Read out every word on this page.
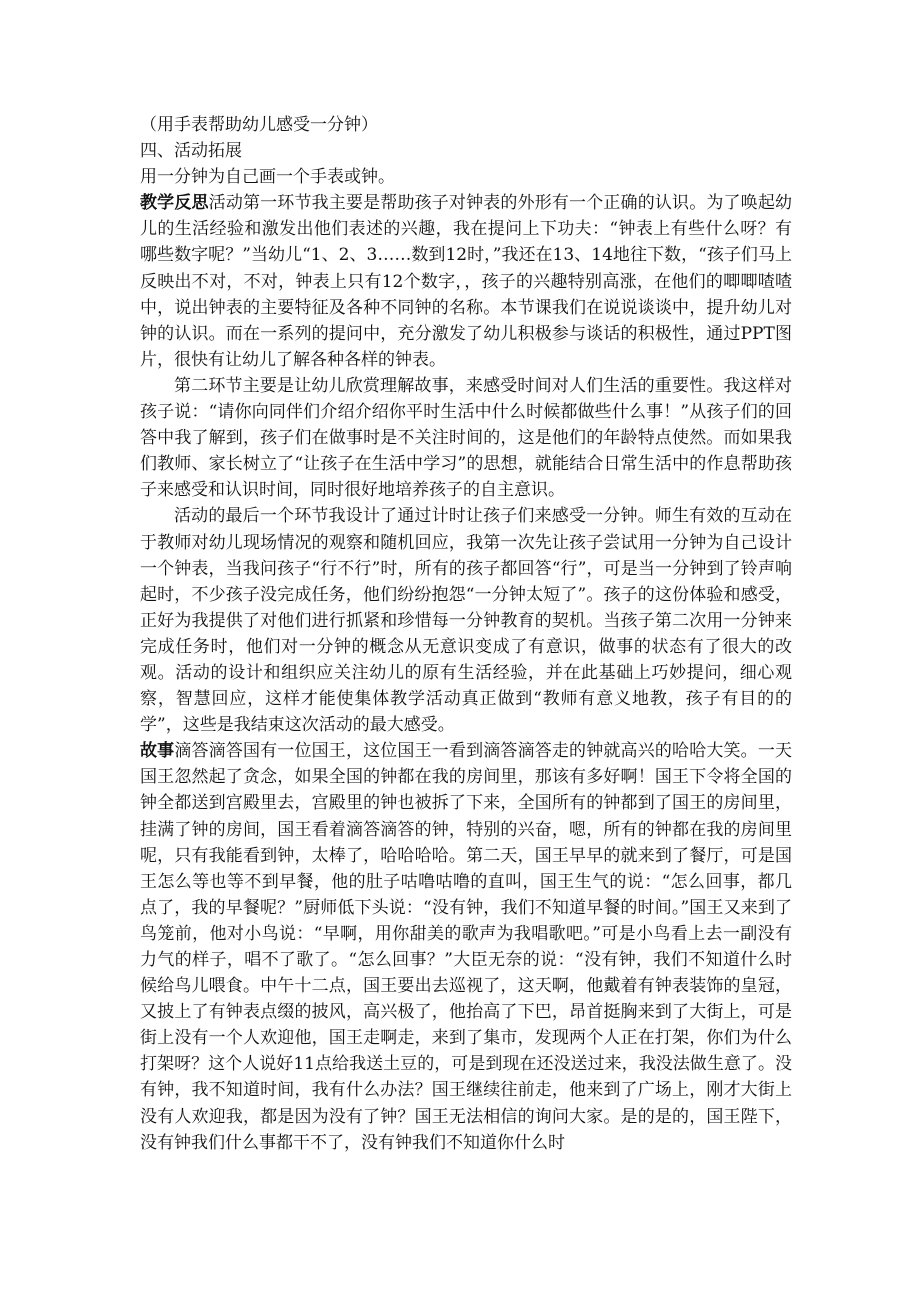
（用手表帮助幼儿感受一分钟）

四、活动拓展

用一分钟为自己画一个手表或钟。

教学反思活动第一环节我主要是帮助孩子对钟表的外形有一个正确的认识。为了唤起幼儿的生活经验和激发出他们表述的兴趣，我在提问上下功夫：“钟表上有些什么呀？有哪些数字呢？”当幼儿“1、2、3……数到12时，”我还在13、14地往下数，“孩子们马上反映出不对，不对，钟表上只有12个数字，，孩子的兴趣特别高涨，在他们的唧唧喳喳中，说出钟表的主要特征及各种不同钟的名称。本节课我们在说说谈谈中，提升幼儿对钟的认识。而在一系列的提问中，充分激发了幼儿积极参与谈话的积极性，通过PPT图片，很快有让幼儿了解各种各样的钟表。

第二环节主要是让幼儿欣赏理解故事，来感受时间对人们生活的重要性。我这样对孩子说：“请你向同伴们介绍介绍你平时生活中什么时候都做些什么事！”从孩子们的回答中我了解到，孩子们在做事时是不关注时间的，这是他们的年龄特点使然。而如果我们教师、家长树立了“让孩子在生活中学习”的思想，就能结合日常生活中的作息帮助孩子来感受和认识时间，同时很好地培养孩子的自主意识。

活动的最后一个环节我设计了通过计时让孩子们来感受一分钟。师生有效的互动在于教师对幼儿现场情况的观察和随机回应，我第一次先让孩子尝试用一分钟为自己设计一个钟表，当我问孩子“行不行”时，所有的孩子都回答“行”，可是当一分钟到了铃声响起时，不少孩子没完成任务，他们纷纷抱怨“一分钟太短了”。孩子的这份体验和感受，正好为我提供了对他们进行抓紧和珍惜每一分钟教育的契机。当孩子第二次用一分钟来完成任务时，他们对一分钟的概念从无意识变成了有意识，做事的状态有了很大的改观。活动的设计和组织应关注幼儿的原有生活经验，并在此基础上巧妙提问，细心观察，智慧回应，这样才能使集体教学活动真正做到“教师有意义地教，孩子有目的的学”，这些是我结束这次活动的最大感受。

故事滴答滴答国有一位国王，这位国王一看到滴答滴答走的钟就高兴的哈哈大笑。一天国王忽然起了贪念，如果全国的钟都在我的房间里，那该有多好啊！国王下令将全国的钟全都送到宫殿里去，宫殿里的钟也被拆了下来，全国所有的钟都到了国王的房间里，挂满了钟的房间，国王看着滴答滴答的钟，特别的兴奋，嗯，所有的钟都在我的房间里呢，只有我能看到钟，太棒了，哈哈哈哈。第二天，国王早早的就来到了餐厅，可是国王怎么等也等不到早餐，他的肚子咕噜咕噜的直叫，国王生气的说：“怎么回事，都几点了，我的早餐呢？”厨师低下头说：“没有钟，我们不知道早餐的时间。”国王又来到了鸟笼前，他对小鸟说：“早啊，用你甜美的歌声为我唱歌吧。”可是小鸟看上去一副没有力气的样子，唱不了歌了。“怎么回事？”大臣无奈的说：“没有钟，我们不知道什么时候给鸟儿喂食。中午十二点，国王要出去巡视了，这天啊，他戴着有钟表装饰的皇冠，又披上了有钟表点缀的披风，高兴极了，他抬高了下巴，昂首挺胸来到了大街上，可是街上没有一个人欢迎他，国王走啊走，来到了集市，发现两个人正在打架，你们为什么打架呀？这个人说好11点给我送土豆的，可是到现在还没送过来，我没法做生意了。没有钟，我不知道时间，我有什么办法？国王继续往前走，他来到了广场上，刚才大街上没有人欢迎我，都是因为没有了钟？国王无法相信的询问大家。是的是的，国王陛下，没有钟我们什么事都干不了，没有钟我们不知道你什么时
